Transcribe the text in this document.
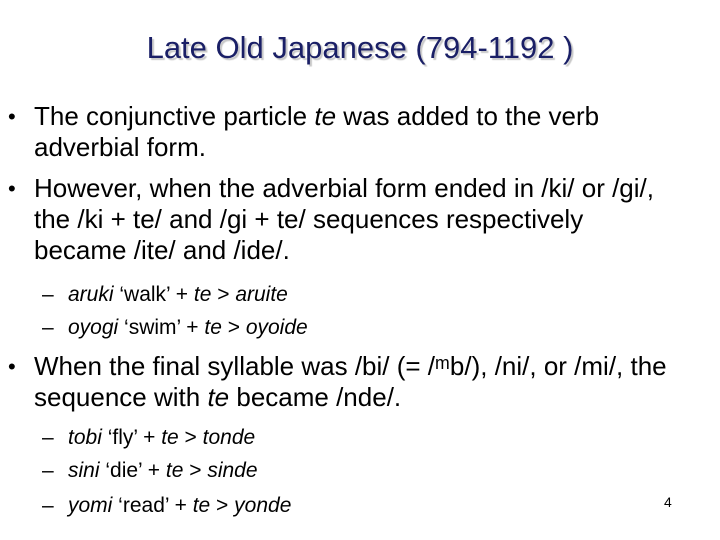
Late Old Japanese (794-1192 )
• The conjunctive particle te was added to the verb
adverbial form.
• However, when the adverbial form ended in /ki/ or /gi/,
the /ki + te/ and /gi + te/ sequences respectively
became /ite/ and /ide/.
– aruki ‘walk’ + te > aruite
– oyogi ‘swim’ + te > oyoide
• When the final syllable was /bi/ (= /ᵐb/), /ni/, or /mi/, the
sequence with te became /nde/.
– tobi ‘fly’ + te > tonde
– sini ‘die’ + te > sinde
– yomi ‘read’ + te > yonde	4
